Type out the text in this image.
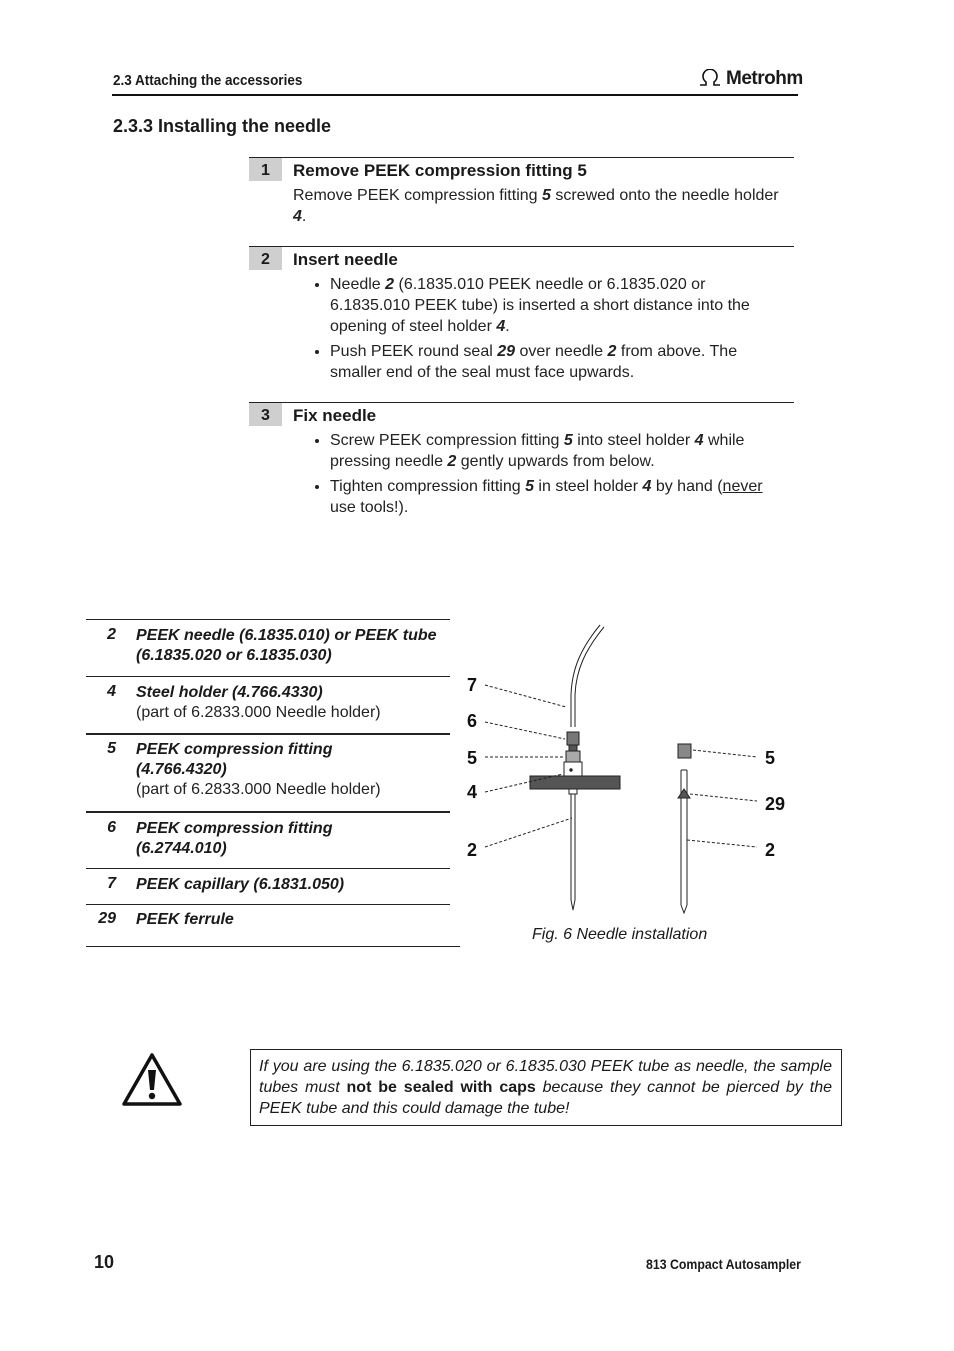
2.3 Attaching the accessories	Metrohm
2.3.3 Installing the needle
1	Remove PEEK compression fitting 5
Remove PEEK compression fitting 5 screwed onto the needle holder 4.
2	Insert needle
• Needle 2 (6.1835.010 PEEK needle or 6.1835.020 or 6.1835.010 PEEK tube) is inserted a short distance into the opening of steel holder 4.
• Push PEEK round seal 29 over needle 2 from above. The smaller end of the seal must face upwards.
3	Fix needle
• Screw PEEK compression fitting 5 into steel holder 4 while pressing needle 2 gently upwards from below.
• Tighten compression fitting 5 in steel holder 4 by hand (never use tools!).
2 PEEK needle (6.1835.010) or PEEK tube (6.1835.020 or 6.1835.030)
4 Steel holder (4.766.4330)
(part of 6.2833.000 Needle holder)
5 PEEK compression fitting (4.766.4320)
(part of 6.2833.000 Needle holder)
6 PEEK compression fitting (6.2744.010)
7 PEEK capillary (6.1831.050)
29 PEEK ferrule
7
6
5
4
2
5
29
2
Fig. 6 Needle installation
If you are using the 6.1835.020 or 6.1835.030 PEEK tube as needle, the sample tubes must not be sealed with caps because they cannot be pierced by the PEEK tube and this could damage the tube!
10	813 Compact Autosampler
